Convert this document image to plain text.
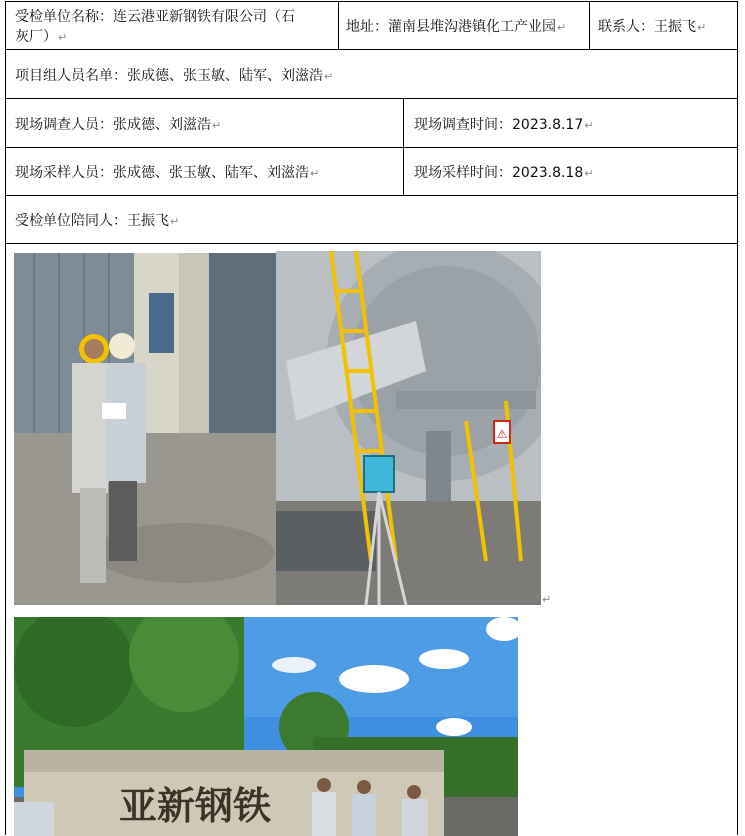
受检单位名称：连云港亚新钢铁有限公司（石
灰厂）↵
地址：灌南县堆沟港镇化工产业园↵ 联系人：王振飞↵
项目组人员名单：张成德、张玉敏、陆军、刘滋浩↵
现场调查人员：张成德、刘滋浩↵	现场调查时间：2023.8.17↵
现场采样人员：张成德、张玉敏、陆军、刘滋浩↵	现场采样时间：2023.8.18↵
受检单位陪同人：王振飞↵
⚠
↵
亚新钢铁
